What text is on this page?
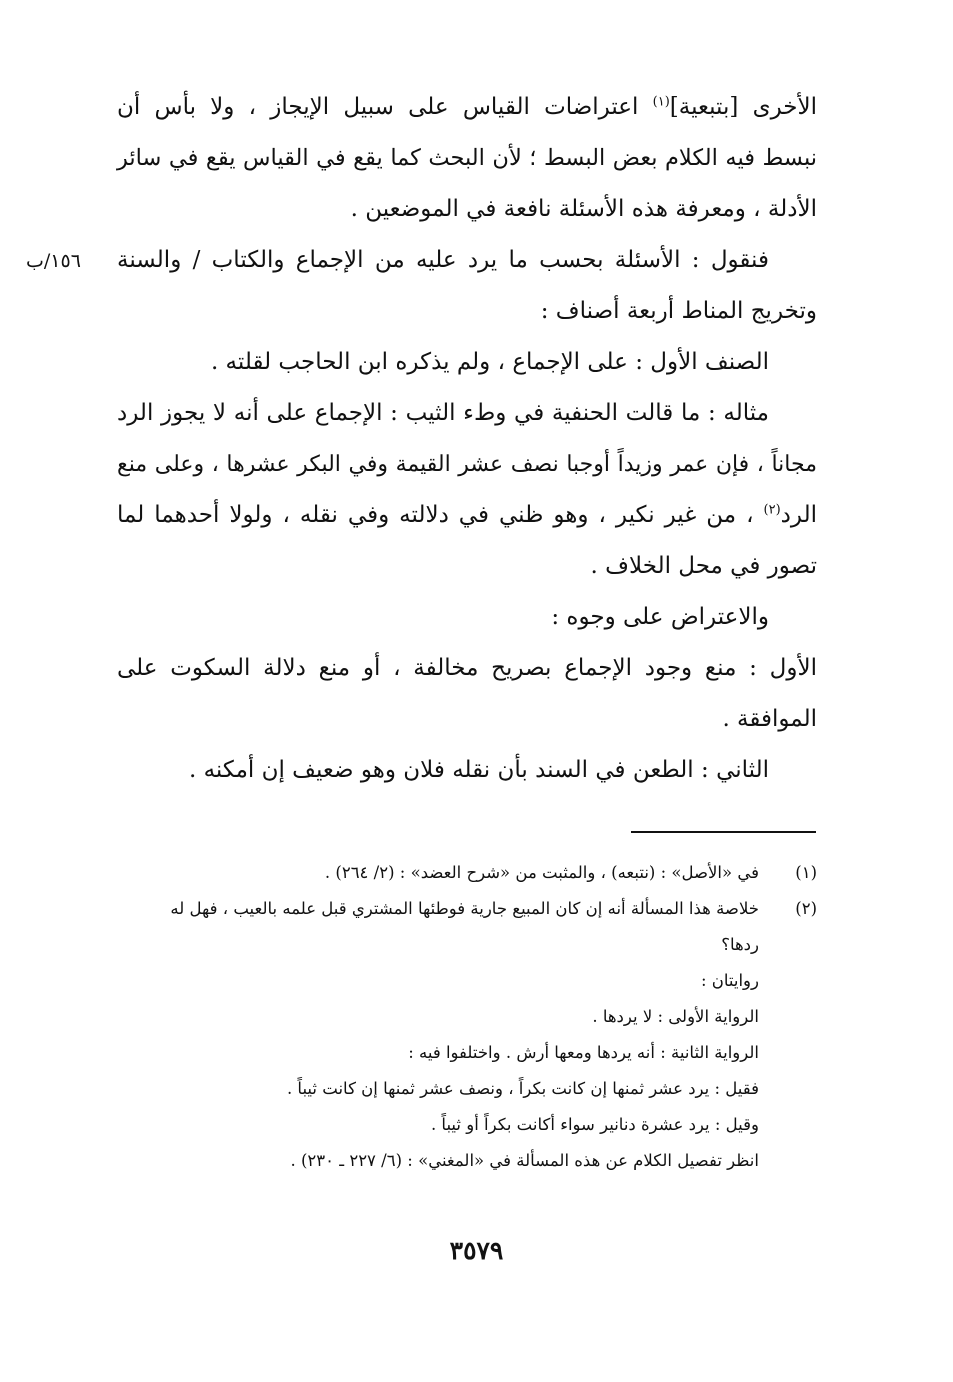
الأخرى [بتبعية]$^{(١)}$ اعتراضات القياس على سبيل الإيجاز ، ولا بأس أن
نبسط فيه الكلام بعض البسط ؛ لأن البحث كما يقع في القياس يقع في سائر
الأدلة ، ومعرفة هذه الأسئلة نافعة في الموضعين .
فنقول : الأسئلة بحسب ما يرد عليه من الإجماع والكتاب / والسنة
وتخريج المناط أربعة أصناف :
الصنف الأول : على الإجماع ، ولم يذكره ابن الحاجب لقلته .
مثاله : ما قالت الحنفية في وطء الثيب : الإجماع على أنه لا يجوز الرد
مجاناً ، فإن عمر وزيداً أوجبا نصف عشر القيمة وفي البكر عشرها ، وعلى منع
الرد$^{(٢)}$ ، من غير نكير ، وهو ظني في دلالته وفي نقله ، ولولا أحدهما لما
تصور في محل الخلاف .
والاعتراض على وجوه :
الأول : منع وجود الإجماع بصريح مخالفة ، أو منع دلالة السكوت على
الموافقة .
الثاني : الطعن في السند بأن نقله فلان وهو ضعيف إن أمكنه .
١٥٦/ب
(١)
في «الأصل» : (نتبعه) ، والمثبت من «شرح العضد» : (٢/ ٢٦٤) .
(٢)
خلاصة هذا المسألة أنه إن كان المبيع جارية فوطئها المشتري قبل علمه بالعيب ، فهل له
ردها؟
روايتان :
الرواية الأولى : لا يردها .
الرواية الثانية : أنه يردها ومعها أرش . واختلفوا فيه :
فقيل : يرد عشر ثمنها إن كانت بكراً ، ونصف عشر ثمنها إن كانت ثيباً .
وقيل : يرد عشرة دنانير سواء أكانت بكراً أو ثيباً .
انظر تفصيل الكلام عن هذه المسألة في «المغني» : (٦/ ٢٢٧ ـ ٢٣٠) .
٣٥٧٩
